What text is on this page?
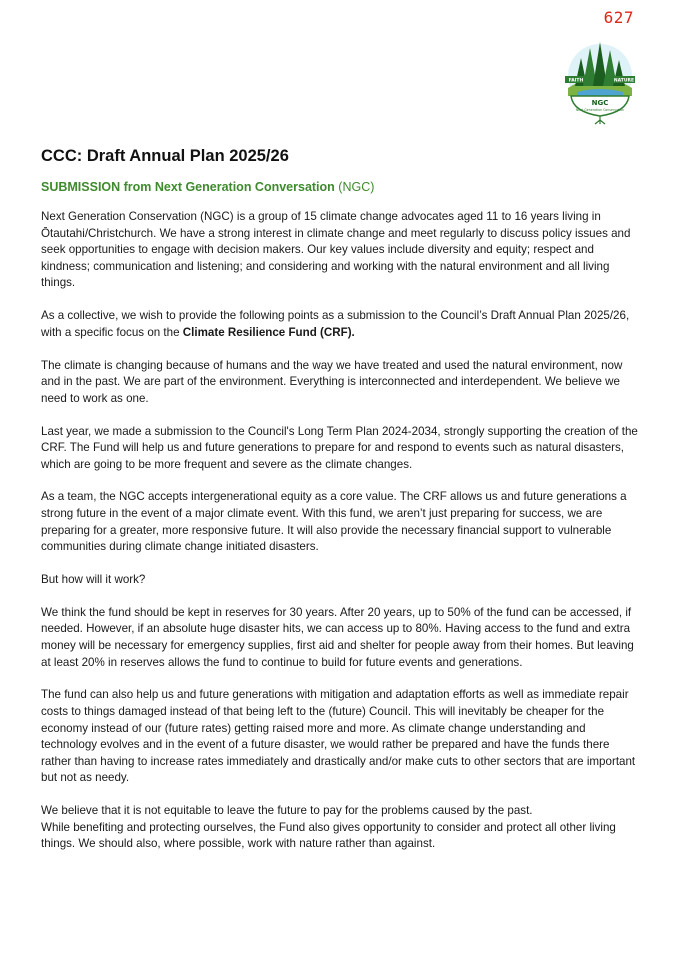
627
FAITH	NATURE
NGC
Next Generation Conservation
CCC: Draft Annual Plan 2025/26

SUBMISSION from Next Generation Conversation (NGC)

Next Generation Conservation (NGC) is a group of 15 climate change advocates aged 11 to 16 years living in Ōtautahi/Christchurch. We have a strong interest in climate change and meet regularly to discuss policy issues and seek opportunities to engage with decision makers. Our key values include diversity and equity; respect and kindness; communication and listening; and considering and working with the natural environment and all living things.

As a collective, we wish to provide the following points as a submission to the Council’s Draft Annual Plan 2025/26, with a specific focus on the Climate Resilience Fund (CRF).

The climate is changing because of humans and the way we have treated and used the natural environment, now and in the past. We are part of the environment. Everything is interconnected and interdependent. We believe we need to work as one.

Last year, we made a submission to the Council's Long Term Plan 2024-2034, strongly supporting the creation of the CRF. The Fund will help us and future generations to prepare for and respond to events such as natural disasters, which are going to be more frequent and severe as the climate changes.

As a team, the NGC accepts intergenerational equity as a core value. The CRF allows us and future generations a strong future in the event of a major climate event. With this fund, we aren’t just preparing for success, we are preparing for a greater, more responsive future. It will also provide the necessary financial support to vulnerable communities during climate change initiated disasters.

But how will it work?

We think the fund should be kept in reserves for 30 years. After 20 years, up to 50% of the fund can be accessed, if needed. However, if an absolute huge disaster hits, we can access up to 80%. Having access to the fund and extra money will be necessary for emergency supplies, first aid and shelter for people away from their homes. But leaving at least 20% in reserves allows the fund to continue to build for future events and generations.

The fund can also help us and future generations with mitigation and adaptation efforts as well as immediate repair costs to things damaged instead of that being left to the (future) Council. This will inevitably be cheaper for the economy instead of our (future rates) getting raised more and more. As climate change understanding and technology evolves and in the event of a future disaster, we would rather be prepared and have the funds there rather than having to increase rates immediately and drastically and/or make cuts to other sectors that are important but not as needy.

We believe that it is not equitable to leave the future to pay for the problems caused by the past.

While benefiting and protecting ourselves, the Fund also gives opportunity to consider and protect all other living things. We should also, where possible, work with nature rather than against.
